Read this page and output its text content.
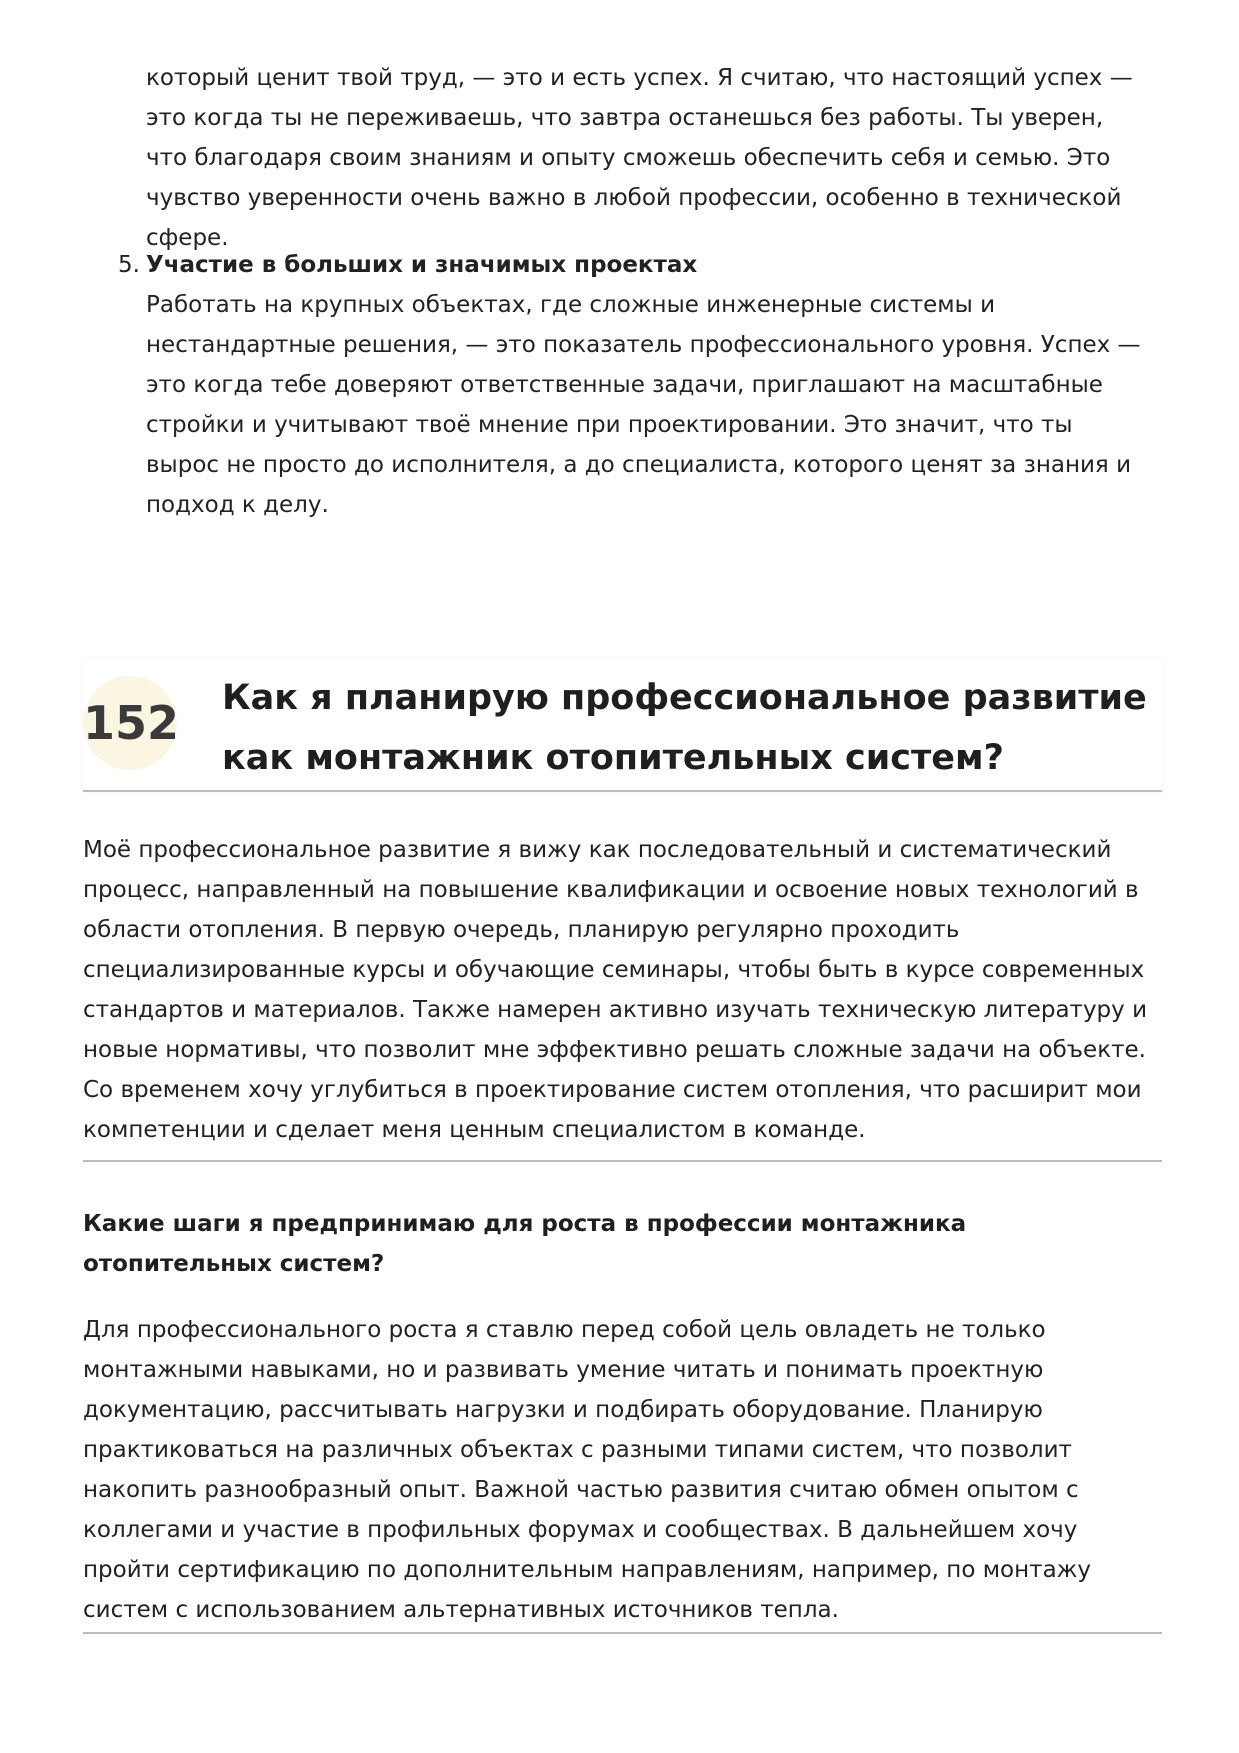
который ценит твой труд, — это и есть успех. Я считаю, что настоящий успех — это когда ты не переживаешь, что завтра останешься без работы. Ты уверен, что благодаря своим знаниям и опыту сможешь обеспечить себя и семью. Это чувство уверенности очень важно в любой профессии, особенно в технической сфере.

5. Участие в больших и значимых проектах

Работать на крупных объектах, где сложные инженерные системы и нестандартные решения, — это показатель профессионального уровня. Успех — это когда тебе доверяют ответственные задачи, приглашают на масштабные стройки и учитывают твоё мнение при проектировании. Это значит, что ты вырос не просто до исполнителя, а до специалиста, которого ценят за знания и подход к делу.

152 Как я планирую профессиональное развитие как монтажник отопительных систем?

Моё профессиональное развитие я вижу как последовательный и систематический процесс, направленный на повышение квалификации и освоение новых технологий в области отопления. В первую очередь, планирую регулярно проходить специализированные курсы и обучающие семинары, чтобы быть в курсе современных стандартов и материалов. Также намерен активно изучать техническую литературу и новые нормативы, что позволит мне эффективно решать сложные задачи на объекте. Со временем хочу углубиться в проектирование систем отопления, что расширит мои компетенции и сделает меня ценным специалистом в команде.

Какие шаги я предпринимаю для роста в профессии монтажника отопительных систем?

Для профессионального роста я ставлю перед собой цель овладеть не только монтажными навыками, но и развивать умение читать и понимать проектную документацию, рассчитывать нагрузки и подбирать оборудование. Планирую практиковаться на различных объектах с разными типами систем, что позволит накопить разнообразный опыт. Важной частью развития считаю обмен опытом с коллегами и участие в профильных форумах и сообществах. В дальнейшем хочу пройти сертификацию по дополнительным направлениям, например, по монтажу систем с использованием альтернативных источников тепла.
